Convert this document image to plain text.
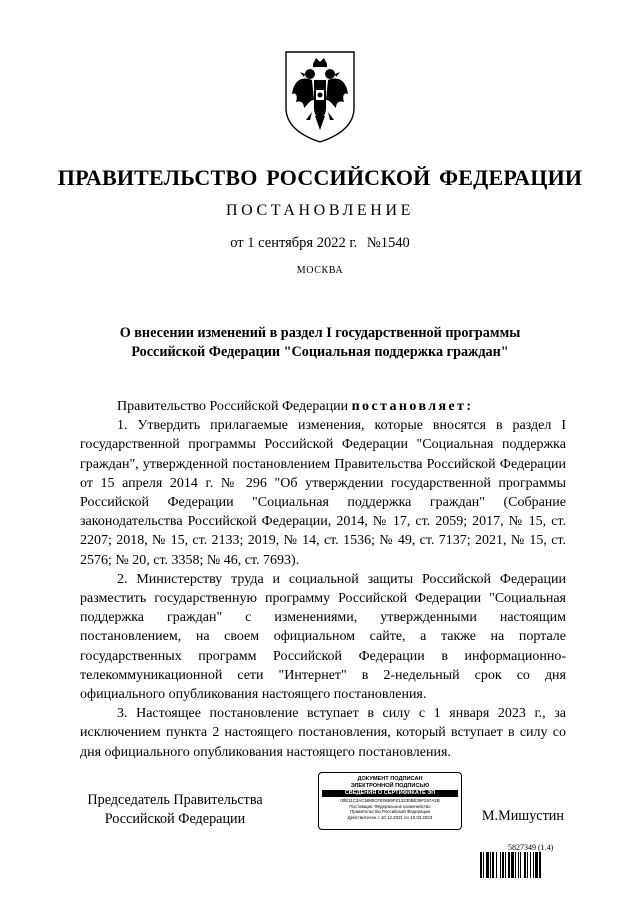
ПРАВИТЕЛЬСТВО РОССИЙСКОЙ ФЕДЕРАЦИИ
ПОСТАНОВЛЕНИЕ
от 1 сентября 2022 г. №1540
МОСКВА
О внесении изменений в раздел I государственной программы
Российской Федерации "Социальная поддержка граждан"

Правительство Российской Федерации постановляет:

1. Утвердить прилагаемые изменения, которые вносятся в раздел I государственной программы Российской Федерации "Социальная поддержка граждан", утвержденной постановлением Правительства Российской Федерации от 15 апреля 2014 г. № 296 "Об утверждении государственной программы Российской Федерации "Социальная поддержка граждан" (Собрание законодательства Российской Федерации, 2014, № 17, ст. 2059; 2017, № 15, ст. 2207; 2018, № 15, ст. 2133; 2019, № 14, ст. 1536; № 49, ст. 7137; 2021, № 15, ст. 2576; № 20, ст. 3358; № 46, ст. 7693).

2. Министерству труда и социальной защиты Российской Федерации разместить государственную программу Российской Федерации "Социальная поддержка граждан" с изменениями, утвержденными настоящим постановлением, на своем официальном сайте, а также на портале государственных программ Российской Федерации в информационно-телекоммуникационной сети "Интернет" в 2-недельный срок со дня официального опубликования настоящего постановления.

3. Настоящее постановление вступает в силу с 1 января 2023 г., за исключением пункта 2 настоящего постановления, который вступает в силу со дня официального опубликования настоящего постановления.

Председатель Правительства
Российской Федерации
ДОКУМЕНТ ПОДПИСАН
ЭЛЕКТРОННОЙ ПОДПИСЬЮ
СВЕДЕНИЯ О СЕРТИФИКАТЕ ЭП
00E11C3AC5880CFE0689FE13230BE39F297A2B
Поставщик: Федеральное казначейство
Правительство Российской Федерации
Действителен с 10.12.2021 по 10.03.2023	М.Мишустин
5827349 (1.4)
